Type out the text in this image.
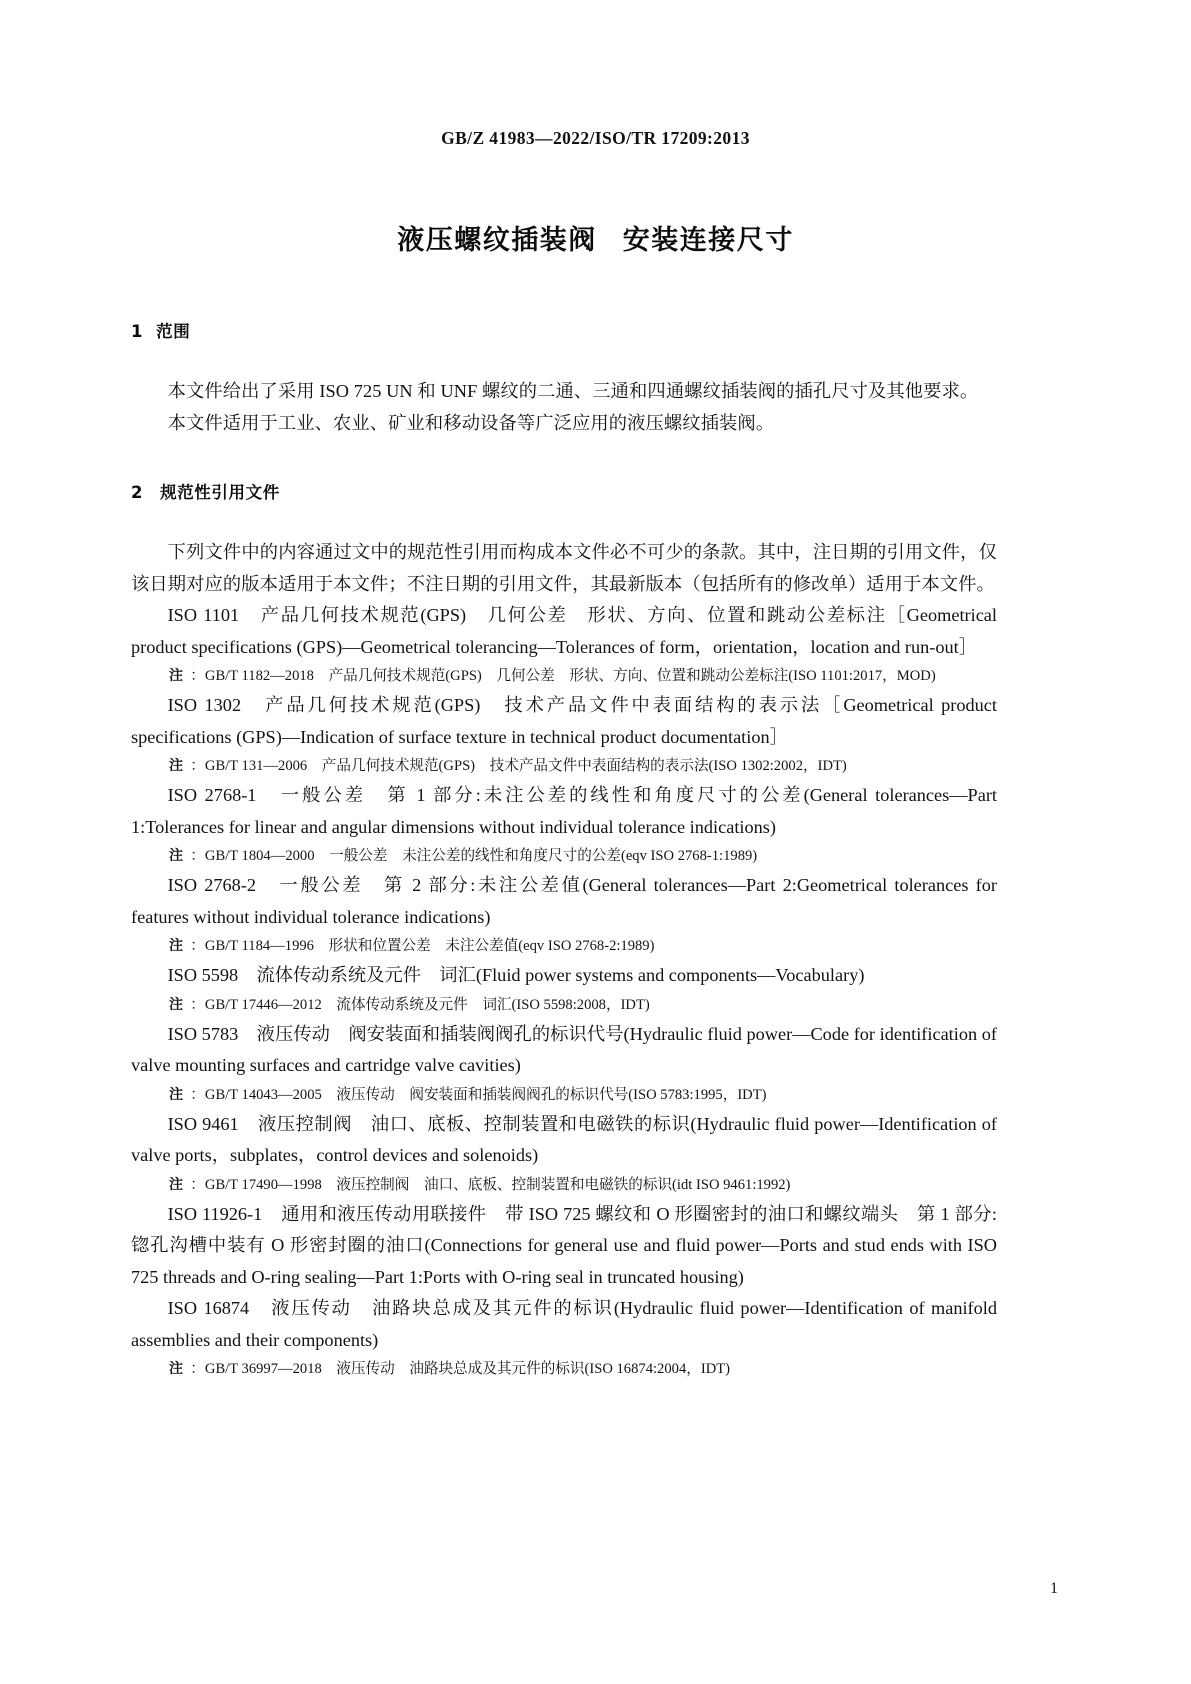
GB/Z 41983—2022/ISO/TR 17209:2013
液压螺纹插装阀 安装连接尺寸
1 范围

本文件给出了采用 ISO 725 UN 和 UNF 螺纹的二通、三通和四通螺纹插装阀的插孔尺寸及其他要求。

本文件适用于工业、农业、矿业和移动设备等广泛应用的液压螺纹插装阀。

2 规范性引用文件

下列文件中的内容通过文中的规范性引用而构成本文件必不可少的条款。其中，注日期的引用文件，仅该日期对应的版本适用于本文件；不注日期的引用文件，其最新版本（包括所有的修改单）适用于本文件。

ISO 1101　产品几何技术规范(GPS)　几何公差　形状、方向、位置和跳动公差标注［Geometrical product specifications (GPS)—Geometrical tolerancing—Tolerances of form，orientation，location and run-out］

注 ：GB/T 1182—2018　产品几何技术规范(GPS)　几何公差　形状、方向、位置和跳动公差标注(ISO 1101:2017，MOD)

ISO 1302　产品几何技术规范(GPS)　技术产品文件中表面结构的表示法［Geometrical product specifications (GPS)—Indication of surface texture in technical product documentation］

注 ：GB/T 131—2006　产品几何技术规范(GPS)　技术产品文件中表面结构的表示法(ISO 1302:2002，IDT)

ISO 2768-1　一般公差　第 1 部分:未注公差的线性和角度尺寸的公差(General tolerances—Part 1:Tolerances for linear and angular dimensions without individual tolerance indications)

注 ：GB/T 1804—2000　一般公差　未注公差的线性和角度尺寸的公差(eqv ISO 2768-1:1989)

ISO 2768-2　一般公差　第 2 部分:未注公差值(General tolerances—Part 2:Geometrical tolerances for features without individual tolerance indications)

注 ：GB/T 1184—1996　形状和位置公差　未注公差值(eqv ISO 2768-2:1989)

ISO 5598　流体传动系统及元件　词汇(Fluid power systems and components—Vocabulary)

注 ：GB/T 17446—2012　流体传动系统及元件　词汇(ISO 5598:2008，IDT)

ISO 5783　液压传动　阀安装面和插装阀阀孔的标识代号(Hydraulic fluid power—Code for identification of valve mounting surfaces and cartridge valve cavities)

注 ：GB/T 14043—2005　液压传动　阀安装面和插装阀阀孔的标识代号(ISO 5783:1995，IDT)

ISO 9461　液压控制阀　油口、底板、控制装置和电磁铁的标识(Hydraulic fluid power—Identification of valve ports，subplates，control devices and solenoids)

注 ：GB/T 17490—1998　液压控制阀　油口、底板、控制装置和电磁铁的标识(idt ISO 9461:1992)

ISO 11926-1　通用和液压传动用联接件　带 ISO 725 螺纹和 O 形圈密封的油口和螺纹端头　第 1 部分:锪孔沟槽中装有 O 形密封圈的油口(Connections for general use and fluid power—Ports and stud ends with ISO 725 threads and O-ring sealing—Part 1:Ports with O-ring seal in truncated housing)

ISO 16874　液压传动　油路块总成及其元件的标识(Hydraulic fluid power—Identification of manifold assemblies and their components)

注 ：GB/T 36997—2018　液压传动　油路块总成及其元件的标识(ISO 16874:2004，IDT)

1
